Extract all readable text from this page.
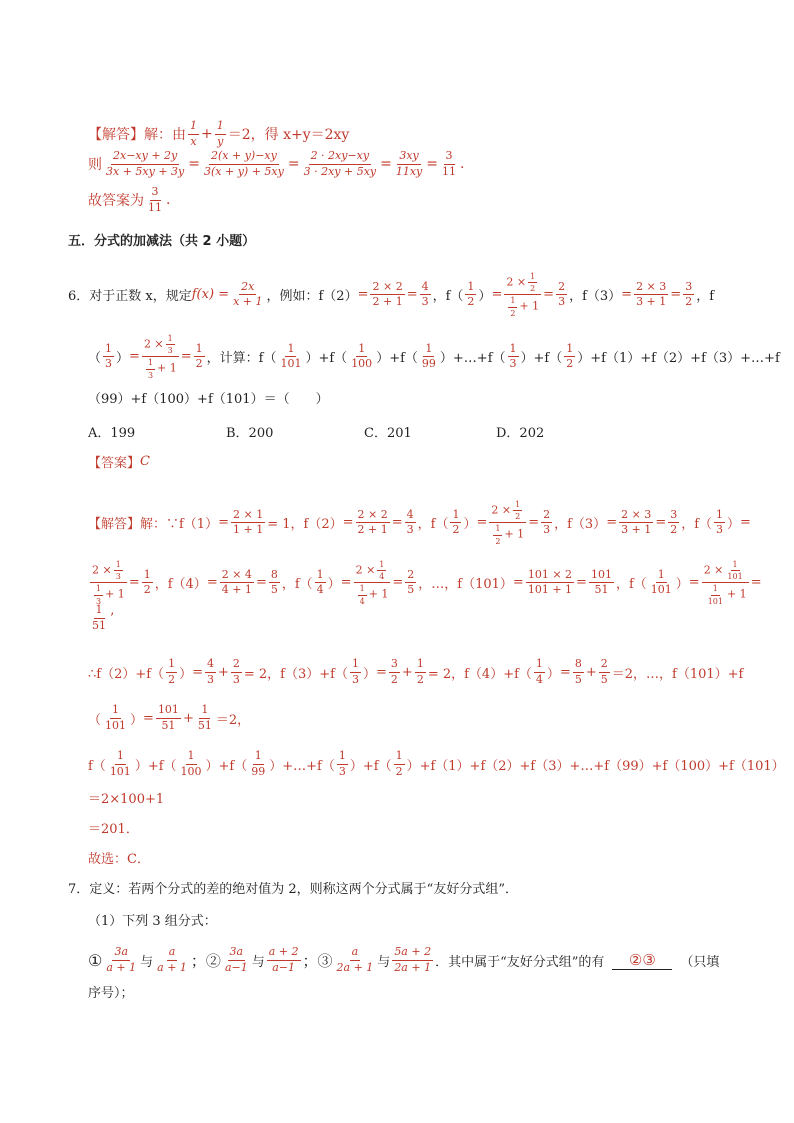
【解答】解：由 $\frac{1}{x} + \frac{1}{y} =2$，得 x+y＝2xy
则 $\frac{2x-xy + 2y}{3x + 5xy + 3y} = \frac{2(x + y)-xy}{3(x + y) + 5xy} = \frac{2 \cdot 2xy-xy}{3 \cdot 2xy + 5xy} = \frac{3xy}{11xy} = \frac{3}{11}$ .
故答案为 $\frac{3}{11}$ .
五．分式的加减法（共 2 小题）
6．对于正数 x，规定 $f(x) = \frac{2x}{x + 1}$ ，例如：$f(2) = \frac{2 \times 2}{2 + 1} = \frac{4}{3}$ ，$f( \frac{1}{2}$ ） = $\frac{2 \times \frac{1}{2}}{\frac{1}{2} + 1} = \frac{2}{3}$ ，$f(3) = \frac{2 \times 3}{3 + 1} = \frac{3}{2}$ ，f
（ $\frac{1}{3}$ ） = $\frac{2 \times \frac{1}{3}}{\frac{1}{3} + 1} = \frac{1}{2}$ ，计算：$f( \frac{1}{101} )+f( \frac{1}{100} )+f( \frac{1}{99}$ ）+…+f（ $\frac{1}{3} )+f( \frac{1}{2}$ ）+f（1）+f（2）+f（3）+…+f
（99）+f（100）+f（101）＝（　　）
A．199	B．200	C．201	D．202
【答案】 C
【解答】解：∵f（1） = $\frac{2 \times 1}{1 + 1} = 1$，$f(2) = \frac{2 \times 2}{2 + 1} = \frac{4}{3}$ ，$f( \frac{1}{2}$ ） = $\frac{2 \times \frac{1}{2}}{\frac{1}{2} + 1} = \frac{2}{3}$ ，$f(3) = \frac{2 \times 3}{3 + 1} = \frac{3}{2}$ ，$f( \frac{1}{3}$ ） =
$\frac{2 \times \frac{1}{3}}{\frac{1}{3} + 1} = \frac{1}{2}$ ，$f(4) = \frac{2 \times 4}{4 + 1} = \frac{8}{5}$ ，$f( \frac{1}{4}$ ） = $\frac{2 \times \frac{1}{4}}{\frac{1}{4} + 1} = \frac{2}{5}$ ，…，$f(101) = \frac{101 \times 2}{101 + 1} = \frac{101}{51}$ ，$f( \frac{1}{101}$ ） = $\frac{2 \times \frac{1}{101}}{\frac{1}{101} + 1}$ =
$\frac{1}{51}$ ’
∴f（2）+f（ $\frac{1}{2}$ ） = $\frac{4}{3} + \frac{2}{3} = 2$，$f(3)+f( \frac{1}{3}$ ） = $\frac{3}{2} + \frac{1}{2} = 2$，$f(4)+f( \frac{1}{4}$ ） = $\frac{8}{5} + \frac{2}{5} =2$，…，f（101）+f
（ $\frac{1}{101}$ ） = $\frac{101}{51} + \frac{1}{51} =2$，
$f( \frac{1}{101} )+f( \frac{1}{100} )+f( \frac{1}{99}$ ）+…+f（ $\frac{1}{3} )+f( \frac{1}{2}$ ）+f（1）+f（2）+f（3）+…+f（99）+f（100）+f（101）
＝2×100+1
＝201．
故选：C．
7．定义：若两个分式的差的绝对值为 2，则称这两个分式属于“友好分式组”．
（1）下列 3 组分式：
① $\frac{3a}{a + 1}$ 与 $\frac{a}{a + 1}$ ；② $\frac{3a}{a-1}$ 与 $\frac{a + 2}{a-1}$ ；③ $\frac{a}{2a + 1}$ 与 $\frac{5a + 2}{2a + 1}$ ．其中属于“友好分式组”的有	②③	（只填
序号）；
